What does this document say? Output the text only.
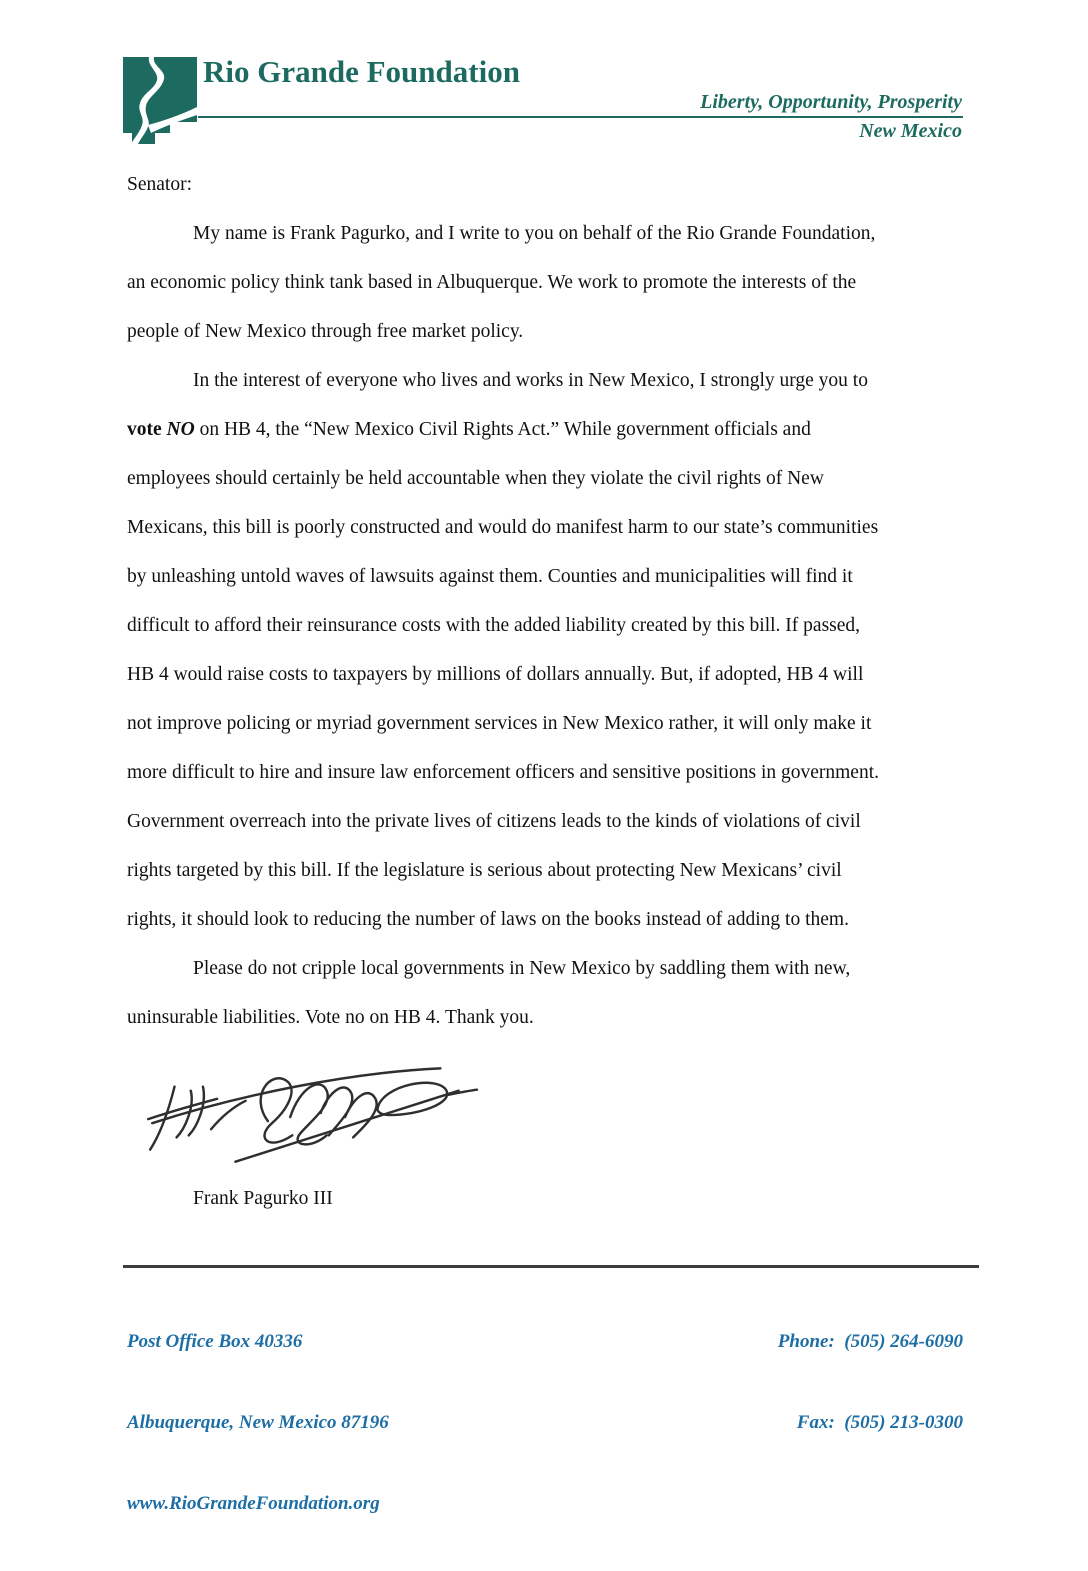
Rio Grande Foundation
Liberty, Opportunity, Prosperity
New Mexico
Senator:
My name is Frank Pagurko, and I write to you on behalf of the Rio Grande Foundation,
an economic policy think tank based in Albuquerque. We work to promote the interests of the
people of New Mexico through free market policy.
In the interest of everyone who lives and works in New Mexico, I strongly urge you to
vote NO on HB 4, the “New Mexico Civil Rights Act.” While government officials and
employees should certainly be held accountable when they violate the civil rights of New
Mexicans, this bill is poorly constructed and would do manifest harm to our state’s communities
by unleashing untold waves of lawsuits against them. Counties and municipalities will find it
difficult to afford their reinsurance costs with the added liability created by this bill. If passed,
HB 4 would raise costs to taxpayers by millions of dollars annually. But, if adopted, HB 4 will
not improve policing or myriad government services in New Mexico rather, it will only make it
more difficult to hire and insure law enforcement officers and sensitive positions in government.
Government overreach into the private lives of citizens leads to the kinds of violations of civil
rights targeted by this bill. If the legislature is serious about protecting New Mexicans’ civil
rights, it should look to reducing the number of laws on the books instead of adding to them.
Please do not cripple local governments in New Mexico by saddling them with new,
uninsurable liabilities. Vote no on HB 4. Thank you.
Frank Pagurko III

Post Office Box 40336

Albuquerque, New Mexico 87196

www.RioGrandeFoundation.org

Phone:  (505) 264-6090

Fax:  (505) 213-0300
